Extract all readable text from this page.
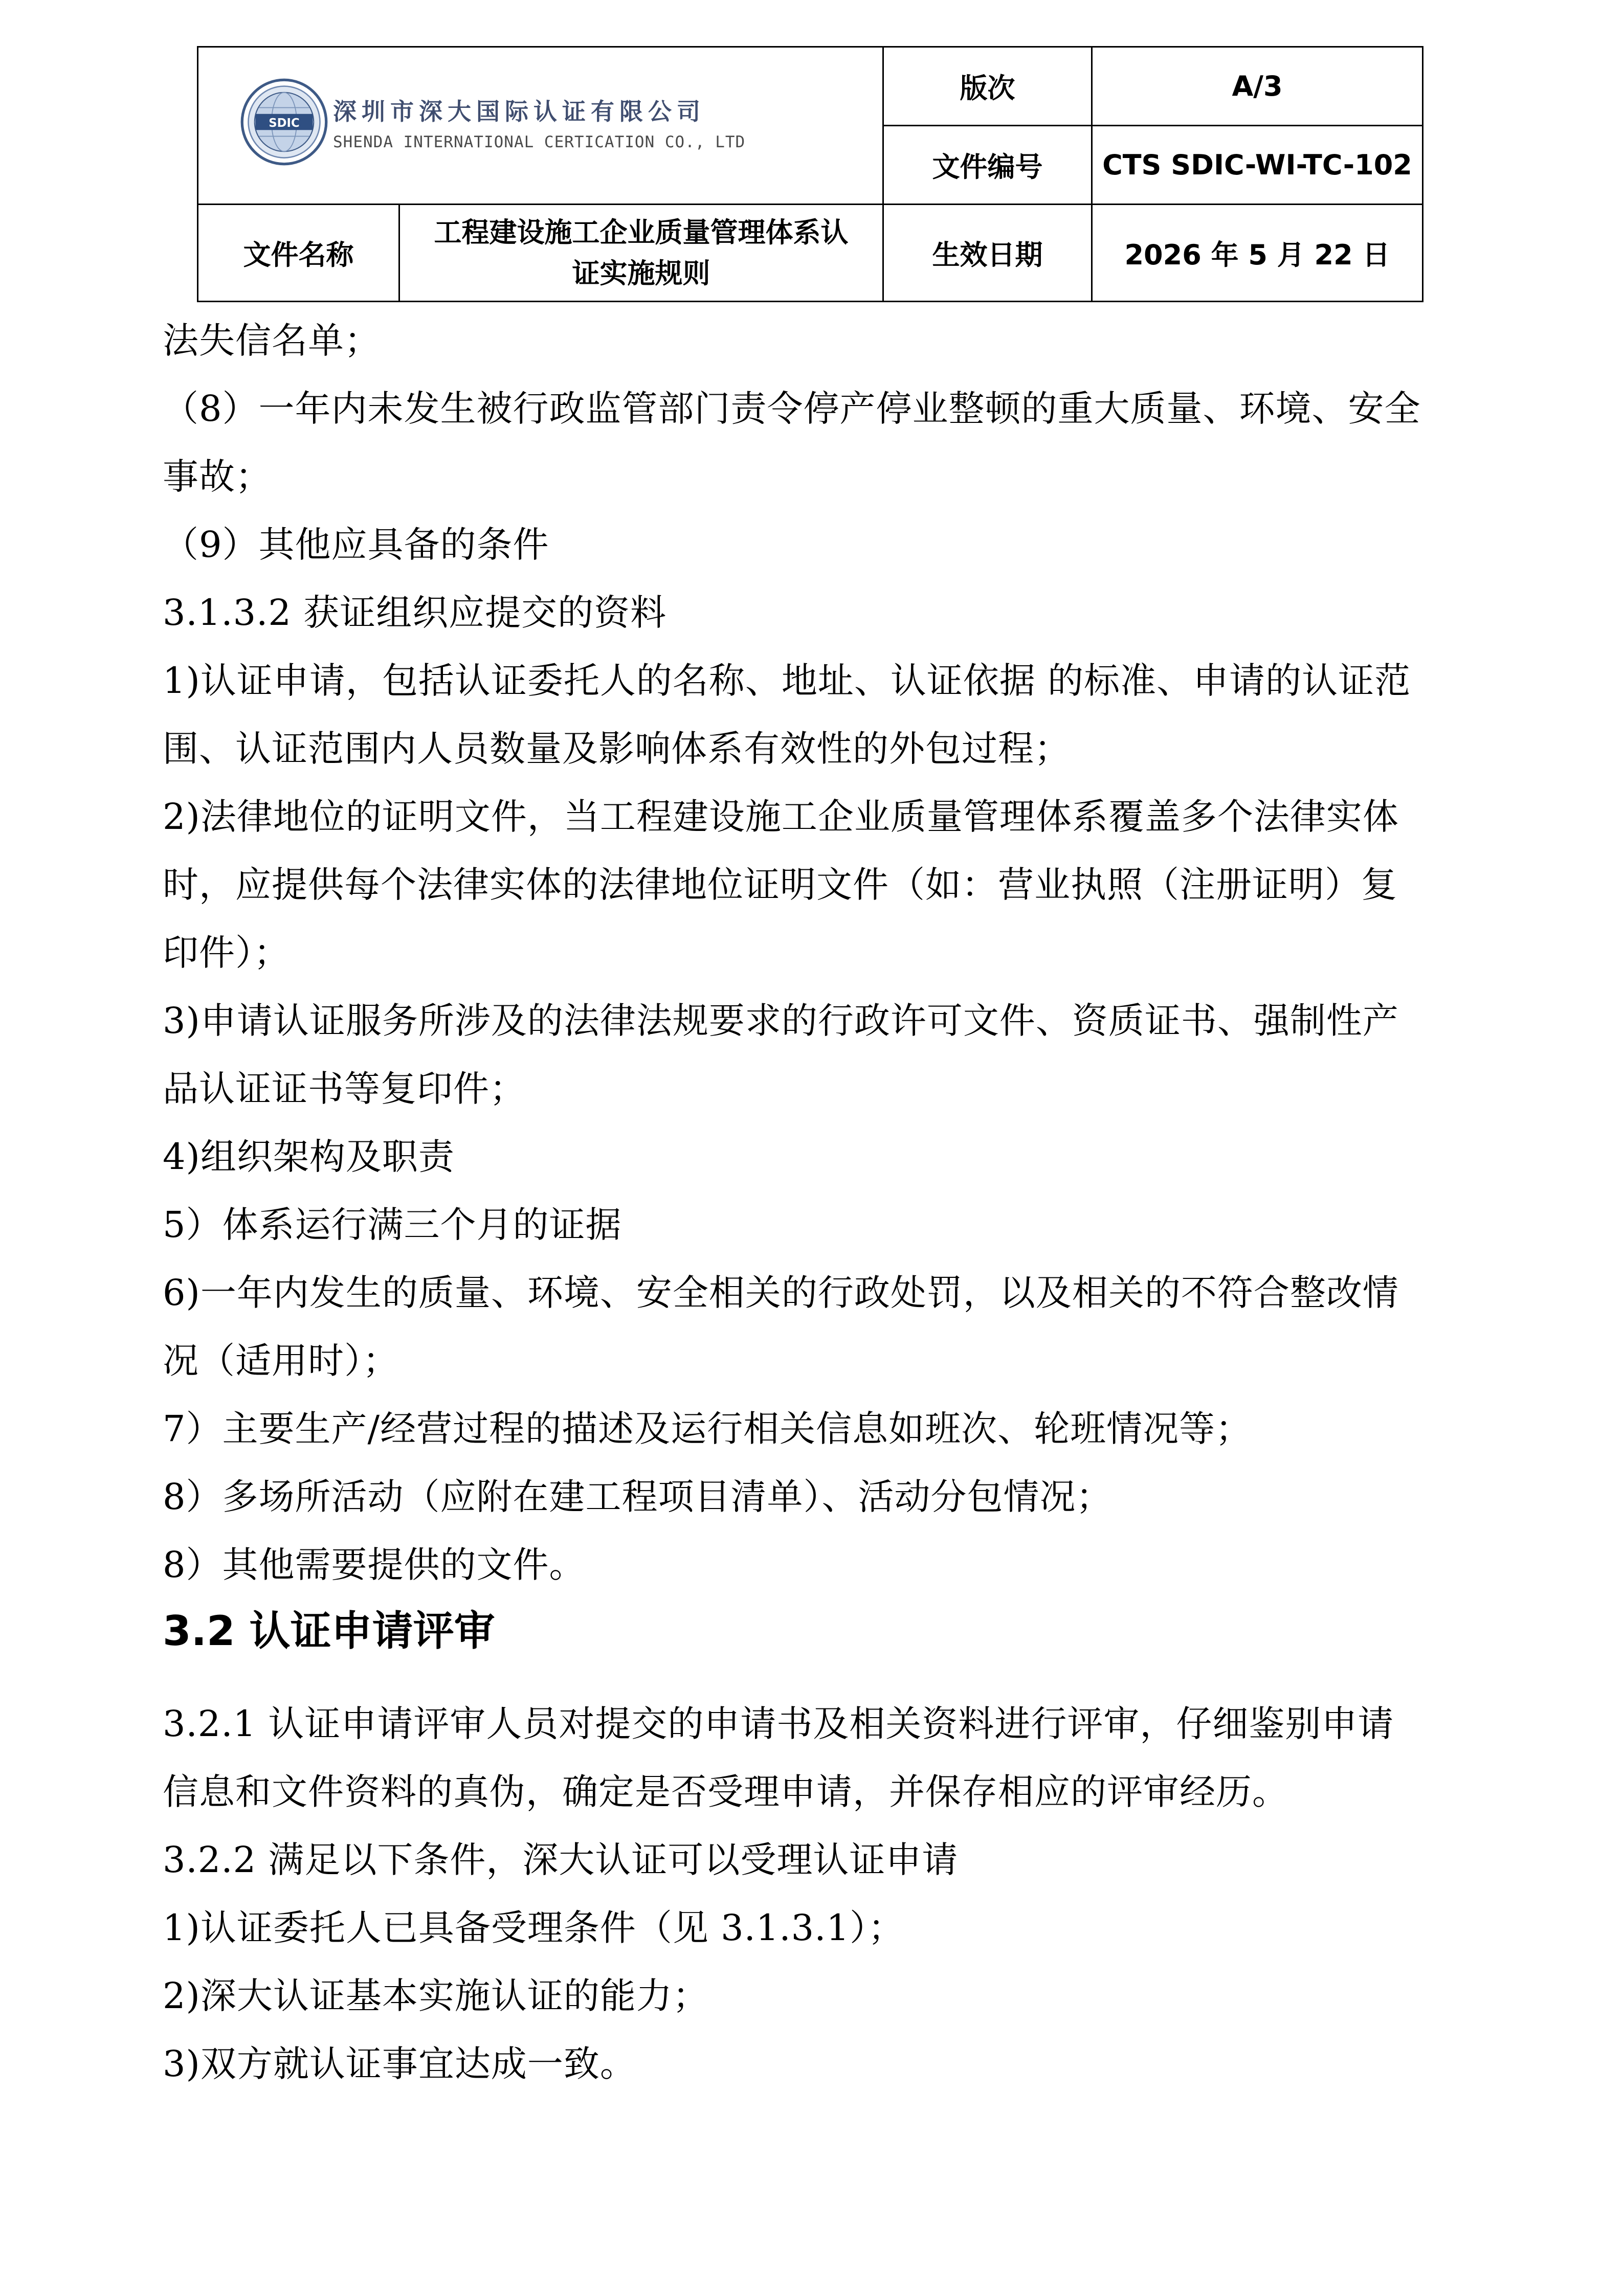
SDIC 深圳市深大国际认证有限公司
SHENDA INTERNATIONAL CERTICATION CO., LTD		版次	A/3
		文件编号	CTS SDIC-WI-TC-102
文件名称	工程建设施工企业质量管理体系认证实施规则	生效日期	2026 年 5 月 22 日

法失信名单；

（8）一年内未发生被行政监管部门责令停产停业整顿的重大质量、环境、安全

事故；

（9）其他应具备的条件

3.1.3.2 获证组织应提交的资料

1)认证申请，包括认证委托人的名称、地址、认证依据 的标准、申请的认证范

围、认证范围内人员数量及影响体系有效性的外包过程；

2)法律地位的证明文件，当工程建设施工企业质量管理体系覆盖多个法律实体

时，应提供每个法律实体的法律地位证明文件（如：营业执照（注册证明）复

印件）；

3)申请认证服务所涉及的法律法规要求的行政许可文件、资质证书、强制性产

品认证证书等复印件；

4)组织架构及职责

5）体系运行满三个月的证据

6)一年内发生的质量、环境、安全相关的行政处罚，以及相关的不符合整改情

况（适用时）；

7）主要生产/经营过程的描述及运行相关信息如班次、轮班情况等；

8）多场所活动（应附在建工程项目清单）、活动分包情况；

8）其他需要提供的文件。

3.2 认证申请评审

3.2.1 认证申请评审人员对提交的申请书及相关资料进行评审，仔细鉴别申请

信息和文件资料的真伪，确定是否受理申请，并保存相应的评审经历。

3.2.2 满足以下条件，深大认证可以受理认证申请

1)认证委托人已具备受理条件（见 3.1.3.1）；

2)深大认证基本实施认证的能力；

3)双方就认证事宜达成一致。
